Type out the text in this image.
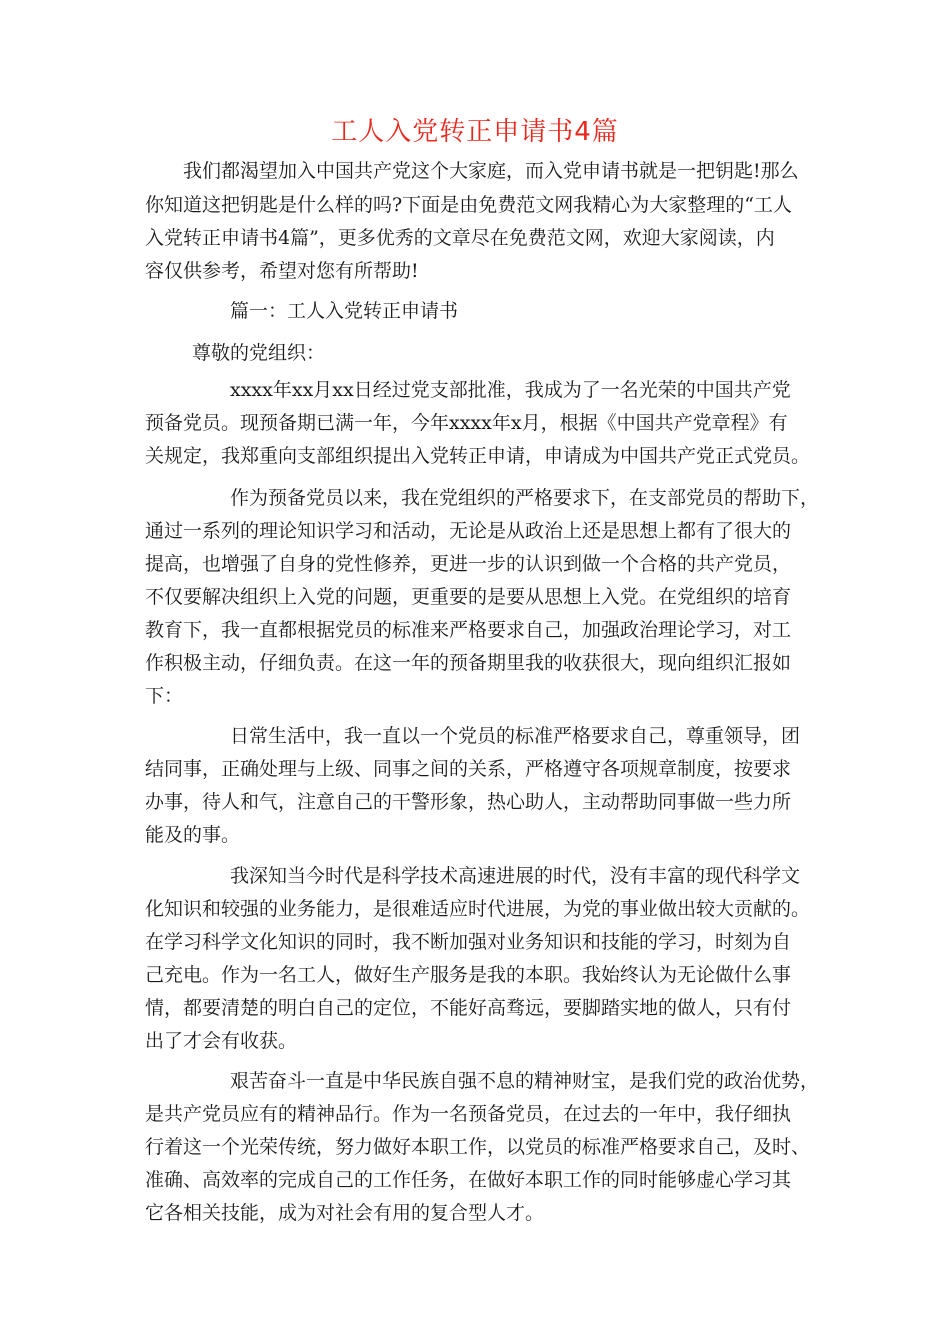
工人入党转正申请书4篇
我们都渴望加入中国共产党这个大家庭，而入党申请书就是一把钥匙!那么
你知道这把钥匙是什么样的吗?下面是由免费范文网我精心为大家整理的“工人
入党转正申请书4篇”，更多优秀的文章尽在免费范文网，欢迎大家阅读，内
容仅供参考，希望对您有所帮助!
篇一：工人入党转正申请书
尊敬的党组织：
xxxx年xx月xx日经过党支部批准，我成为了一名光荣的中国共产党
预备党员。现预备期已满一年，今年xxxx年x月，根据《中国共产党章程》有
关规定，我郑重向支部组织提出入党转正申请，申请成为中国共产党正式党员。
作为预备党员以来，我在党组织的严格要求下，在支部党员的帮助下，
通过一系列的理论知识学习和活动，无论是从政治上还是思想上都有了很大的
提高，也增强了自身的党性修养，更进一步的认识到做一个合格的共产党员，
不仅要解决组织上入党的问题，更重要的是要从思想上入党。在党组织的培育
教育下，我一直都根据党员的标准来严格要求自己，加强政治理论学习，对工
作积极主动，仔细负责。在这一年的预备期里我的收获很大，现向组织汇报如
下：
日常生活中，我一直以一个党员的标准严格要求自己，尊重领导，团
结同事，正确处理与上级、同事之间的关系，严格遵守各项规章制度，按要求
办事，待人和气，注意自己的干警形象，热心助人，主动帮助同事做一些力所
能及的事。
我深知当今时代是科学技术高速进展的时代，没有丰富的现代科学文
化知识和较强的业务能力，是很难适应时代进展，为党的事业做出较大贡献的。
在学习科学文化知识的同时，我不断加强对业务知识和技能的学习，时刻为自
己充电。作为一名工人，做好生产服务是我的本职。我始终认为无论做什么事
情，都要清楚的明白自己的定位，不能好高骛远，要脚踏实地的做人，只有付
出了才会有收获。
艰苦奋斗一直是中华民族自强不息的精神财宝，是我们党的政治优势，
是共产党员应有的精神品行。作为一名预备党员，在过去的一年中，我仔细执
行着这一个光荣传统，努力做好本职工作，以党员的标准严格要求自己，及时、
准确、高效率的完成自己的工作任务，在做好本职工作的同时能够虚心学习其
它各相关技能，成为对社会有用的复合型人才。
